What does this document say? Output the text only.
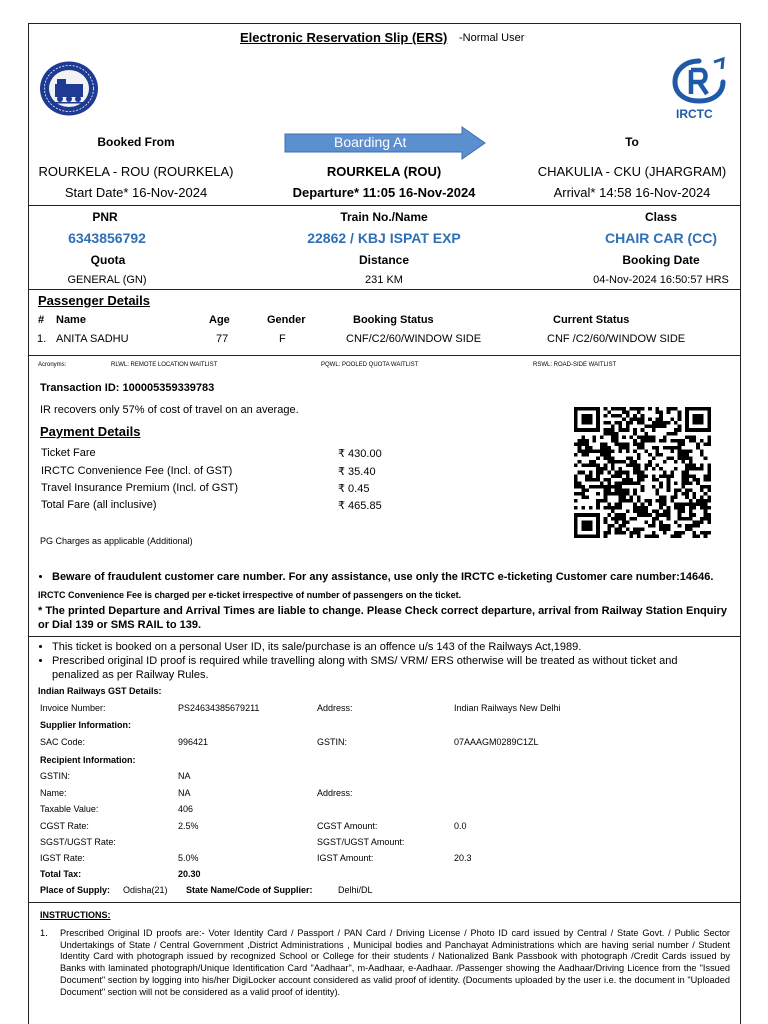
Electronic Reservation Slip (ERS) -Normal User
IRCTC
Booked From	Boarding At	To
ROURKELA - ROU (ROURKELA)	ROURKELA (ROU)	CHAKULIA - CKU (JHARGRAM)
Start Date* 16-Nov-2024	Departure* 11:05 16-Nov-2024	Arrival* 14:58 16-Nov-2024
PNR	Train No./Name	Class
6343856792	22862 / KBJ ISPAT EXP	CHAIR CAR (CC)
Quota	Distance	Booking Date
GENERAL (GN)	231 KM	04-Nov-2024 16:50:57 HRS
Passenger Details
# Name	Age	Gender	Booking Status	Current Status
1. ANITA SADHU	77	F	CNF/C2/60/WINDOW SIDE	CNF /C2/60/WINDOW SIDE
Acronyms:	RLWL: REMOTE LOCATION WAITLIST	PQWL: POOLED QUOTA WAITLIST	RSWL: ROAD-SIDE WAITLIST
Transaction ID: 100005359339783
IR recovers only 57% of cost of travel on an average.
Payment Details
Ticket Fare	₹ 430.00
IRCTC Convenience Fee (Incl. of GST)	₹ 35.40
Travel Insurance Premium (Incl. of GST)	₹ 0.45
Total Fare (all inclusive)	₹ 465.85
PG Charges as applicable (Additional)
• Beware of fraudulent customer care number. For any assistance, use only the IRCTC e-ticketing Customer care number:14646.
IRCTC Convenience Fee is charged per e-ticket irrespective of number of passengers on the ticket.
* The printed Departure and Arrival Times are liable to change. Please Check correct departure, arrival from Railway Station Enquiry
or Dial 139 or SMS RAIL to 139.
• This ticket is booked on a personal User ID, its sale/purchase is an offence u/s 143 of the Railways Act,1989.
• Prescribed original ID proof is required while travelling along with SMS/ VRM/ ERS otherwise will be treated as without ticket and
penalized as per Railway Rules.
Indian Railways GST Details:
Invoice Number:	PS24634385679211	Address:	Indian Railways New Delhi
Supplier Information:
SAC Code:	996421	GSTIN:	07AAAGM0289C1ZL
Recipient Information:
GSTIN:	NA
Name:	NA	Address:
Taxable Value:	406
CGST Rate:	2.5%	CGST Amount:	0.0
SGST/UGST Rate:	SGST/UGST Amount:
IGST Rate:	5.0%	IGST Amount:	20.3
Total Tax:	20.30
Place of Supply: Odisha(21) State Name/Code of Supplier:	Delhi/DL
INSTRUCTIONS:
1. Prescribed Original ID proofs are:- Voter Identity Card / Passport / PAN Card / Driving License / Photo ID card issued by Central / State Govt. / Public Sector Undertakings of State / Central Government ,District Administrations , Municipal bodies and Panchayat Administrations which are having serial number / Student Identity Card with photograph issued by recognized School or College for their students / Nationalized Bank Passbook with photograph /Credit Cards issued by Banks with laminated photograph/Unique Identification Card "Aadhaar", m-Aadhaar, e-Aadhaar. /Passenger showing the Aadhaar/Driving Licence from the "Issued Document" section by logging into his/her DigiLocker account considered as valid proof of identity. (Documents uploaded by the user i.e. the document in "Uploaded Document" section will not be considered as a valid proof of identity).
